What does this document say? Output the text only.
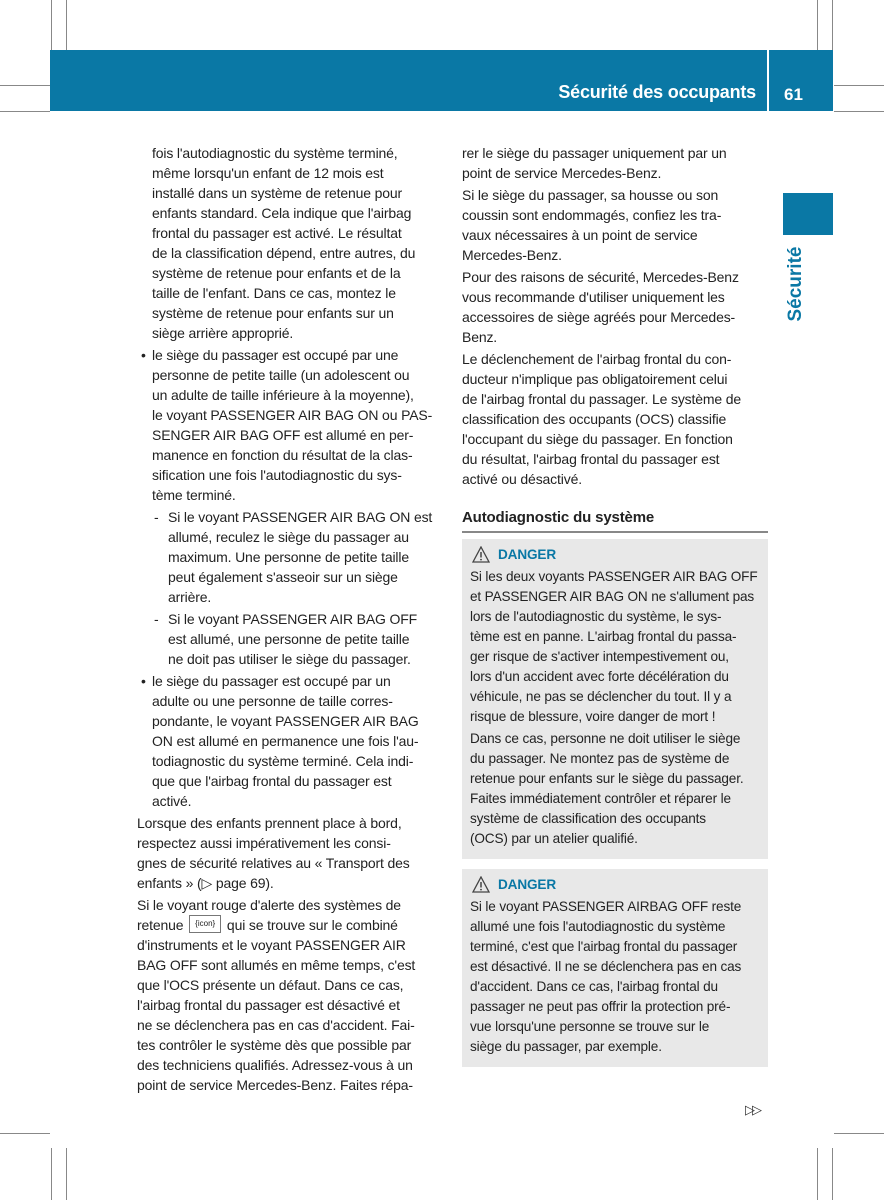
Sécurité des occupants 61
Sécurité
fois l'autodiagnostic du système terminé,
même lorsqu'un enfant de 12 mois est
installé dans un système de retenue pour
enfants standard. Cela indique que l'airbag
frontal du passager est activé. Le résultat
de la classification dépend, entre autres, du
système de retenue pour enfants et de la
taille de l'enfant. Dans ce cas, montez le
système de retenue pour enfants sur un
siège arrière approprié.
• le siège du passager est occupé par une
personne de petite taille (un adolescent ou
un adulte de taille inférieure à la moyenne),
le voyant PASSENGER AIR BAG ON ou PAS-
SENGER AIR BAG OFF est allumé en per-
manence en fonction du résultat de la clas-
sification une fois l'autodiagnostic du sys-
tème terminé.
- Si le voyant PASSENGER AIR BAG ON est
allumé, reculez le siège du passager au
maximum. Une personne de petite taille
peut également s'asseoir sur un siège
arrière.
- Si le voyant PASSENGER AIR BAG OFF
est allumé, une personne de petite taille
ne doit pas utiliser le siège du passager.
• le siège du passager est occupé par un
adulte ou une personne de taille corres-
pondante, le voyant PASSENGER AIR BAG
ON est allumé en permanence une fois l'au-
todiagnostic du système terminé. Cela indi-
que que l'airbag frontal du passager est
activé.
Lorsque des enfants prennent place à bord,
respectez aussi impérativement les consi-
gnes de sécurité relatives au « Transport des
enfants » (▷ page 69).
Si le voyant rouge d'alerte des systèmes de
retenue {icon} qui se trouve sur le combiné
d'instruments et le voyant PASSENGER AIR
BAG OFF sont allumés en même temps, c'est
que l'OCS présente un défaut. Dans ce cas,
l'airbag frontal du passager est désactivé et
ne se déclenchera pas en cas d'accident. Fai-
tes contrôler le système dès que possible par
des techniciens qualifiés. Adressez-vous à un
point de service Mercedes-Benz. Faites répa-
rer le siège du passager uniquement par un
point de service Mercedes-Benz.
Si le siège du passager, sa housse ou son
coussin sont endommagés, confiez les tra-
vaux nécessaires à un point de service
Mercedes-Benz.
Pour des raisons de sécurité, Mercedes-Benz
vous recommande d'utiliser uniquement les
accessoires de siège agréés pour Mercedes-
Benz.
Le déclenchement de l'airbag frontal du con-
ducteur n'implique pas obligatoirement celui
de l'airbag frontal du passager. Le système de
classification des occupants (OCS) classifie
l'occupant du siège du passager. En fonction
du résultat, l'airbag frontal du passager est
activé ou désactivé.
Autodiagnostic du système
DANGER
Si les deux voyants PASSENGER AIR BAG OFF
et PASSENGER AIR BAG ON ne s'allument pas
lors de l'autodiagnostic du système, le sys-
tème est en panne. L'airbag frontal du passa-
ger risque de s'activer intempestivement ou,
lors d'un accident avec forte décélération du
véhicule, ne pas se déclencher du tout. Il y a
risque de blessure, voire danger de mort !
Dans ce cas, personne ne doit utiliser le siège
du passager. Ne montez pas de système de
retenue pour enfants sur le siège du passager.
Faites immédiatement contrôler et réparer le
système de classification des occupants
(OCS) par un atelier qualifié.
DANGER
Si le voyant PASSENGER AIRBAG OFF reste
allumé une fois l'autodiagnostic du système
terminé, c'est que l'airbag frontal du passager
est désactivé. Il ne se déclenchera pas en cas
d'accident. Dans ce cas, l'airbag frontal du
passager ne peut pas offrir la protection pré-
vue lorsqu'une personne se trouve sur le
siège du passager, par exemple.
▷▷
